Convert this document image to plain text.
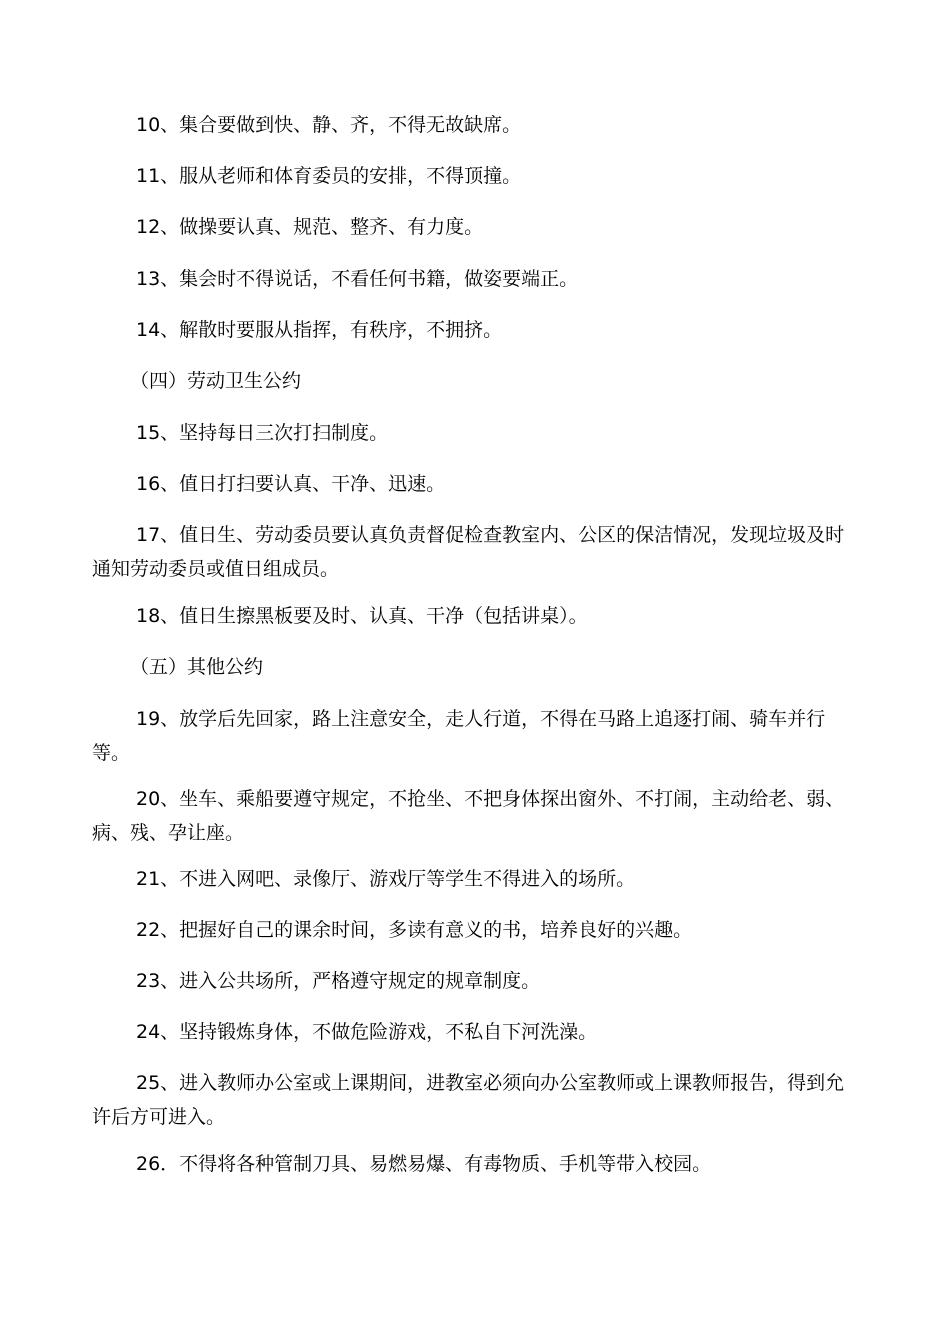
10、集合要做到快、静、齐，不得无故缺席。

11、服从老师和体育委员的安排，不得顶撞。

12、做操要认真、规范、整齐、有力度。

13、集会时不得说话，不看任何书籍，做姿要端正。

14、解散时要服从指挥，有秩序，不拥挤。

（四）劳动卫生公约

15、坚持每日三次打扫制度。

16、值日打扫要认真、干净、迅速。

17、值日生、劳动委员要认真负责督促检查教室内、公区的保洁情况，发现垃圾及时通知劳动委员或值日组成员。

18、值日生擦黑板要及时、认真、干净（包括讲桌）。

（五）其他公约

19、放学后先回家，路上注意安全，走人行道，不得在马路上追逐打闹、骑车并行等。

20、坐车、乘船要遵守规定，不抢坐、不把身体探出窗外、不打闹，主动给老、弱、病、残、孕让座。

21、不进入网吧、录像厅、游戏厅等学生不得进入的场所。

22、把握好自己的课余时间，多读有意义的书，培养良好的兴趣。

23、进入公共场所，严格遵守规定的规章制度。

24、坚持锻炼身体，不做危险游戏，不私自下河洗澡。

25、进入教师办公室或上课期间，进教室必须向办公室教师或上课教师报告，得到允许后方可进入。

26．不得将各种管制刀具、易燃易爆、有毒物质、手机等带入校园。
